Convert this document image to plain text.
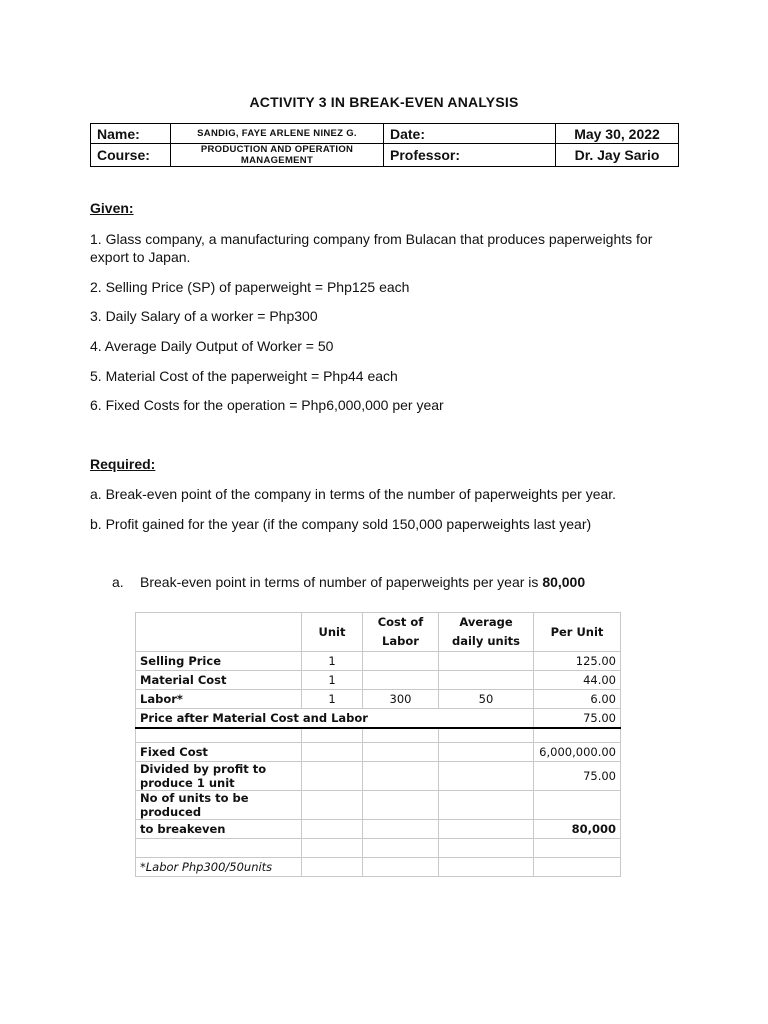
ACTIVITY 3 IN BREAK-EVEN ANALYSIS
Name:	SANDIG, FAYE ARLENE NINEZ G.	Date:	May 30, 2022
Course:	PRODUCTION AND OPERATION MANAGEMENT	Professor:	Dr. Jay Sario
Given:
1. Glass company, a manufacturing company from Bulacan that produces paperweights for export to Japan.
2. Selling Price (SP) of paperweight = Php125 each
3. Daily Salary of a worker = Php300
4. Average Daily Output of Worker = 50
5. Material Cost of the paperweight = Php44 each
6. Fixed Costs for the operation = Php6,000,000 per year
Required:
a. Break-even point of the company in terms of the number of paperweights per year.
b. Profit gained for the year (if the company sold 150,000 paperweights last year)
a. Break-even point in terms of number of paperweights per year is 80,000
	Unit	Cost of Labor	Average daily units	Per Unit
Selling Price	1			125.00
Material Cost	1			44.00
Labor*	1	300	50	6.00
Price after Material Cost and Labor				75.00

Fixed Cost				6,000,000.00
Divided by profit to produce 1 unit				75.00
No of units to be produced				
to breakeven				80,000

*Labor Php300/50units				
